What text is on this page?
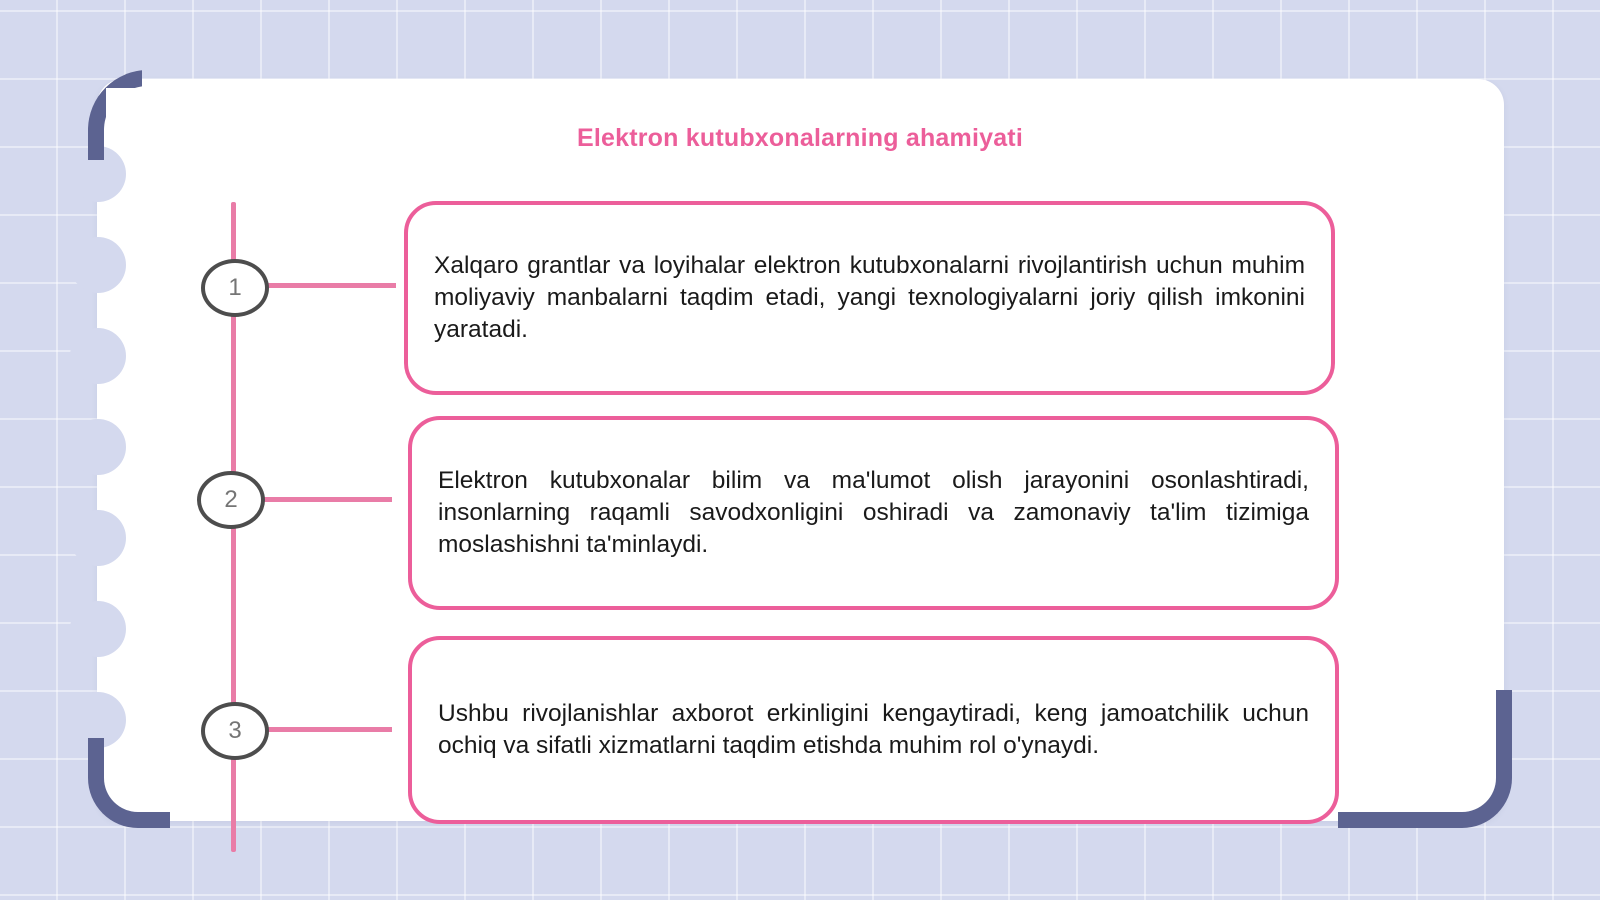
Elektron kutubxonalarning ahamiyati
1
2
3

Xalqaro grantlar va loyihalar elektron kutubxonalarni rivojlantirish uchun muhim moliyaviy manbalarni taqdim etadi, yangi texnologiyalarni joriy qilish imkonini yaratadi.

Elektron kutubxonalar bilim va ma'lumot olish jarayonini osonlashtiradi, insonlarning raqamli savodxonligini oshiradi va zamonaviy ta'lim tizimiga moslashishni ta'minlaydi.

Ushbu rivojlanishlar axborot erkinligini kengaytiradi, keng jamoatchilik uchun ochiq va sifatli xizmatlarni taqdim etishda muhim rol o'ynaydi.
